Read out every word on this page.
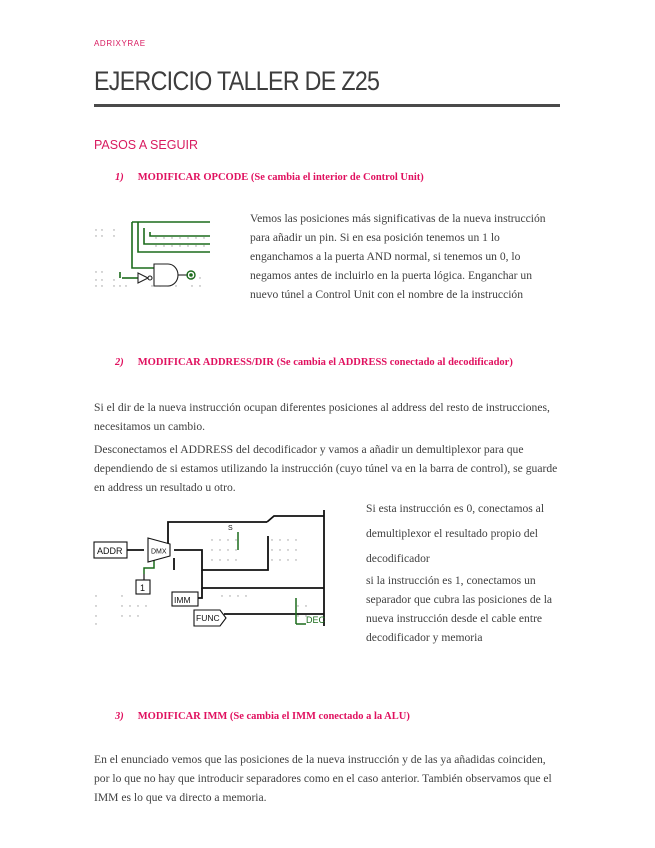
ADRIXYRAE
EJERCICIO TALLER DE Z25
PASOS A SEGUIR
1) MODIFICAR OPCODE (Se cambia el interior de Control Unit)

Vemos las posiciones más significativas de la nueva instrucción para añadir un pin. Si en esa posición tenemos un 1 lo enganchamos a la puerta AND normal, si tenemos un 0, lo negamos antes de incluirlo en la puerta lógica. Enganchar un nuevo túnel a Control Unit con el nombre de la instrucción

2) MODIFICAR ADDRESS/DIR (Se cambia el ADDRESS conectado al decodificador)

Si el dir de la nueva instrucción ocupan diferentes posiciones al address del resto de instrucciones, necesitamos un cambio.

Desconectamos el ADDRESS del decodificador y vamos a añadir un demultiplexor para que dependiendo de si estamos utilizando la instrucción (cuyo túnel va en la barra de control), se guarde en address un resultado u otro.

ADDR	DMX
1
S
IMM
FUNC	DEC

Si esta instrucción es 0, conectamos al demultiplexor el resultado propio del decodificador

si la instrucción es 1, conectamos un separador que cubra las posiciones de la nueva instrucción desde el cable entre decodificador y memoria

3) MODIFICAR IMM (Se cambia el IMM conectado a la ALU)

En el enunciado vemos que las posiciones de la nueva instrucción y de las ya añadidas coinciden, por lo que no hay que introducir separadores como en el caso anterior. También observamos que el IMM es lo que va directo a memoria.
